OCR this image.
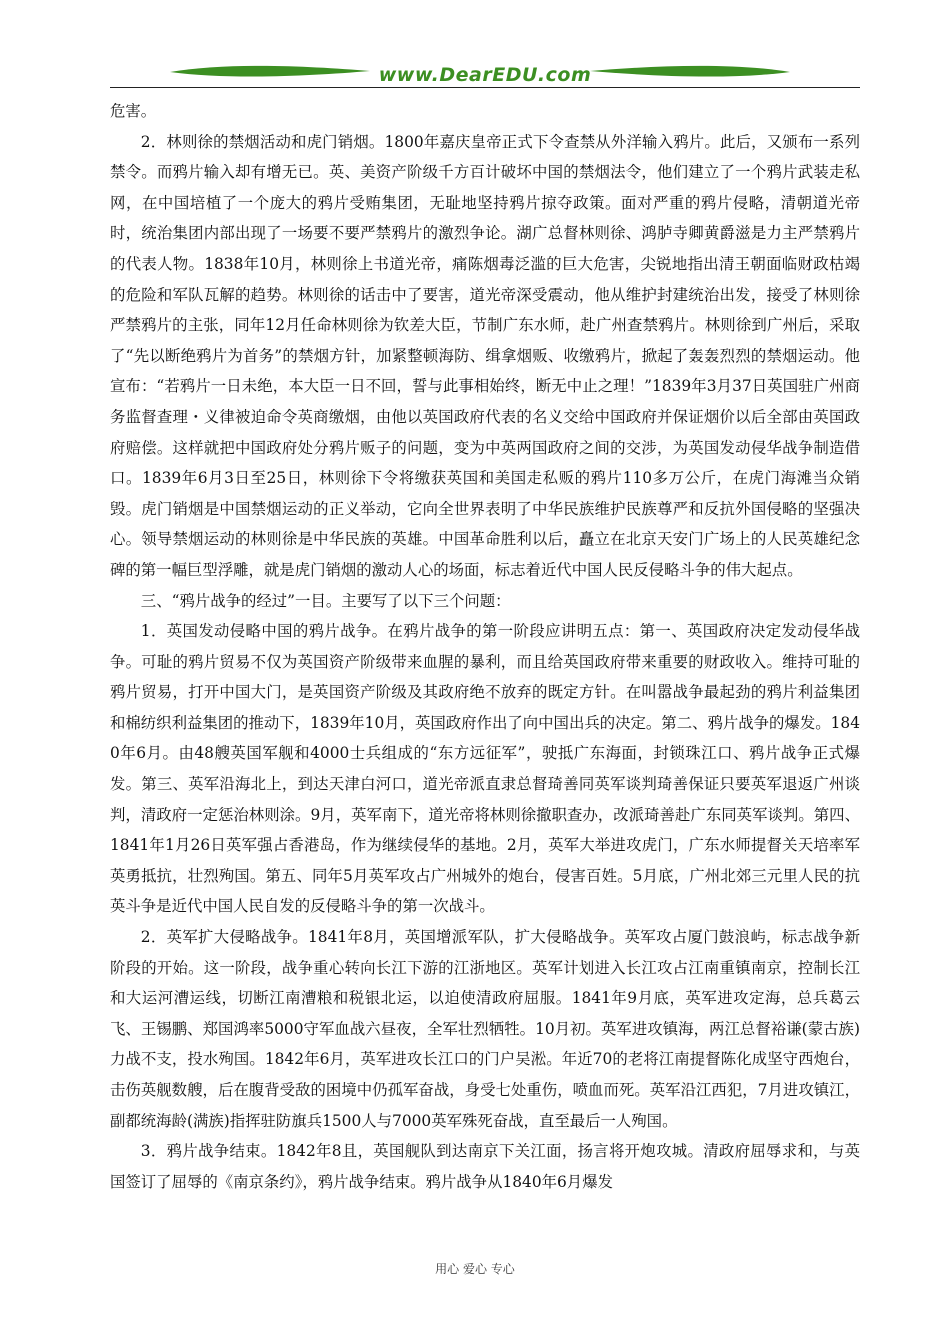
www.DearEDU.com

危害。

2．林则徐的禁烟活动和虎门销烟。1800年嘉庆皇帝正式下令查禁从外洋输入鸦片。此后，又颁布一系列禁令。而鸦片输入却有增无已。英、美资产阶级千方百计破坏中国的禁烟法令，他们建立了一个鸦片武装走私网，在中国培植了一个庞大的鸦片受贿集团，无耻地坚持鸦片掠夺政策。面对严重的鸦片侵略，清朝道光帝时，统治集团内部出现了一场要不要严禁鸦片的激烈争论。湖广总督林则徐、鸿胪寺卿黄爵滋是力主严禁鸦片的代表人物。1838年10月，林则徐上书道光帝，痛陈烟毒泛滥的巨大危害，尖锐地指出清王朝面临财政枯竭的危险和军队瓦解的趋势。林则徐的话击中了要害，道光帝深受震动，他从维护封建统治出发，接受了林则徐严禁鸦片的主张，同年12月任命林则徐为钦差大臣，节制广东水师，赴广州查禁鸦片。林则徐到广州后，采取了“先以断绝鸦片为首务”的禁烟方针，加紧整顿海防、缉拿烟贩、收缴鸦片，掀起了轰轰烈烈的禁烟运动。他宣布：“若鸦片一日未绝，本大臣一日不回，誓与此事相始终，断无中止之理！”1839年3月37日英国驻广州商务监督查理・义律被迫命令英商缴烟，由他以英国政府代表的名义交给中国政府并保证烟价以后全部由英国政府赔偿。这样就把中国政府处分鸦片贩子的问题，变为中英两国政府之间的交涉，为英国发动侵华战争制造借口。1839年6月3日至25日，林则徐下令将缴获英国和美国走私贩的鸦片110多万公斤，在虎门海滩当众销毁。虎门销烟是中国禁烟运动的正义举动，它向全世界表明了中华民族维护民族尊严和反抗外国侵略的坚强决心。领导禁烟运动的林则徐是中华民族的英雄。中国革命胜利以后，矗立在北京天安门广场上的人民英雄纪念碑的第一幅巨型浮雕，就是虎门销烟的激动人心的场面，标志着近代中国人民反侵略斗争的伟大起点。

三、“鸦片战争的经过”一目。主要写了以下三个问题：

1．英国发动侵略中国的鸦片战争。在鸦片战争的第一阶段应讲明五点：第一、英国政府决定发动侵华战争。可耻的鸦片贸易不仅为英国资产阶级带来血腥的暴利，而且给英国政府带来重要的财政收入。维持可耻的鸦片贸易，打开中国大门，是英国资产阶级及其政府绝不放弃的既定方针。在叫嚣战争最起劲的鸦片利益集团和棉纺织利益集团的推动下，1839年10月，英国政府作出了向中国出兵的决定。第二、鸦片战争的爆发。1840年6月。由48艘英国军舰和4000士兵组成的“东方远征军”，驶抵广东海面，封锁珠江口、鸦片战争正式爆发。第三、英军沿海北上，到达天津白河口，道光帝派直隶总督琦善同英军谈判琦善保证只要英军退返广州谈判，清政府一定惩治林则涂。9月，英军南下，道光帝将林则徐撤职查办，改派琦善赴广东同英军谈判。第四、1841年1月26日英军强占香港岛，作为继续侵华的基地。2月，英军大举进攻虎门，广东水师提督关天培率军英勇抵抗，壮烈殉国。第五、同年5月英军攻占广州城外的炮台，侵害百姓。5月底，广州北郊三元里人民的抗英斗争是近代中国人民自发的反侵略斗争的第一次战斗。

2．英军扩大侵略战争。1841年8月，英国增派军队，扩大侵略战争。英军攻占厦门鼓浪屿，标志战争新阶段的开始。这一阶段，战争重心转向长江下游的江浙地区。英军计划进入长江攻占江南重镇南京，控制长江和大运河漕运线，切断江南漕粮和税银北运，以迫使清政府屈服。1841年9月底，英军进攻定海，总兵葛云飞、王锡鹏、郑国鸿率5000守军血战六昼夜，全军壮烈牺牲。10月初。英军进攻镇海，两江总督裕谦(蒙古族)力战不支，投水殉国。1842年6月，英军进攻长江口的门户吴淞。年近70的老将江南提督陈化成坚守西炮台，击伤英舰数艘，后在腹背受敌的困境中仍孤军奋战，身受七处重伤，喷血而死。英军沿江西犯，7月进攻镇江，副都统海龄(满族)指挥驻防旗兵1500人与7000英军殊死奋战，直至最后一人殉国。

3．鸦片战争结束。1842年8且，英国舰队到达南京下关江面，扬言将开炮攻城。清政府屈辱求和，与英国签订了屈辱的《南京条约》，鸦片战争结束。鸦片战争从1840年6月爆发

用心 爱心 专心
